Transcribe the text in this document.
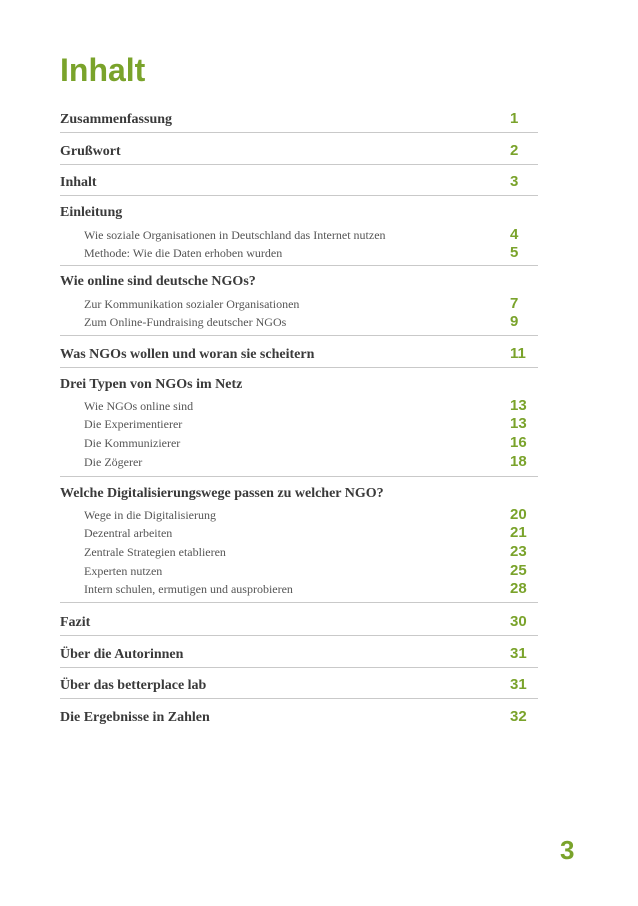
Inhalt
Zusammenfassung	1
Grußwort	2
Inhalt	3
Einleitung
Wie soziale Organisationen in Deutschland das Internet nutzen	4
Methode: Wie die Daten erhoben wurden	5
Wie online sind deutsche NGOs?
Zur Kommunikation sozialer Organisationen	7
Zum Online-Fundraising deutscher NGOs	9
Was NGOs wollen und woran sie scheitern	11
Drei Typen von NGOs im Netz
Wie NGOs online sind	13
Die Experimentierer	13
Die Kommunizierer	16
Die Zögerer	18
Welche Digitalisierungswege passen zu welcher NGO?
Wege in die Digitalisierung	20
Dezentral arbeiten	21
Zentrale Strategien etablieren	23
Experten nutzen	25
Intern schulen, ermutigen und ausprobieren	28
Fazit	30
Über die Autorinnen	31
Über das betterplace lab	31
Die Ergebnisse in Zahlen	32
3
